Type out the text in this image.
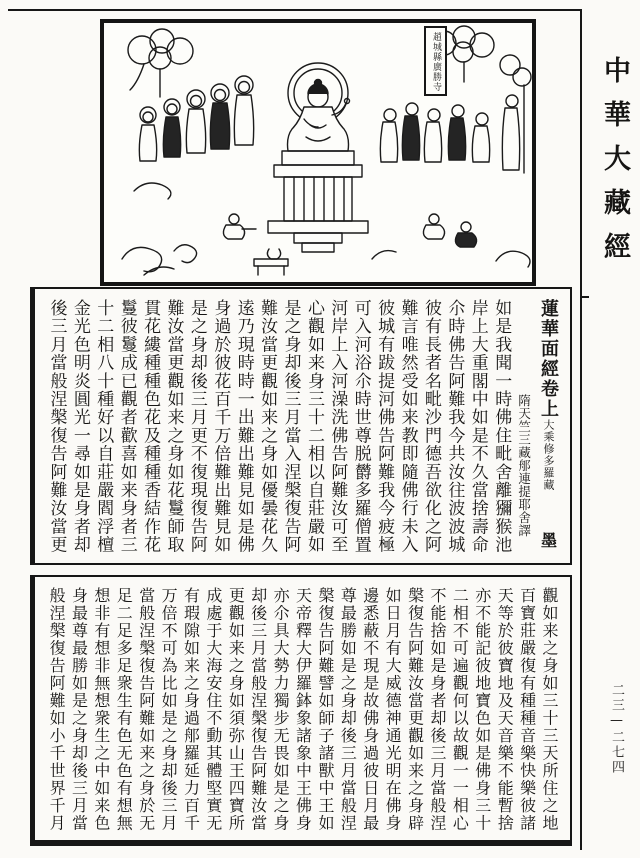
中華大藏經
二三—二七四
趙城縣廣勝寺
蓮華面經卷上大乘修多羅藏
墨
隋天竺三藏郍連提耶舍譯
如是我聞一時佛住毗舍離獼猴池
岸上大重閣中如是不久當捨壽命
尒時佛告阿難我今共汝往波波城
彼有長者名毗沙門德吾欲化之阿
難言唯然受如来教即隨佛行未入
彼城有跋提河佛告阿難我今疲極
可入河浴尒時世尊脱欝多羅僧置
河岸上入河澡洗佛告阿難汝可至
心觀如来身三十二相以自莊嚴如
是之身却後三月當入涅槃復告阿
難汝當更觀如来之身如優曇花久
逺乃現時時一出難出難見如是佛
身過於彼花百千万倍難出難見如
是之身却後三月更不復現復告阿
難汝當更觀如来之身如花鬘師取
貫花縷種種色花及種種香結作花
鬘彼鬘成已觀者歡喜如来身者三
十二相八十種好以自莊嚴閻浮檀
金光色明炎圓光一尋如是身者却
後三月當般涅槃復告阿難汝當更
觀如来之身如三十三天所住之地
百寶莊嚴復有種種音樂快樂彼諸
天等於彼寶地及天音樂不能暫捨
亦不能記彼地寶色如是佛身三十
二相不可遍觀何以故觀一一相心
不能捨如是身者却後三月當般涅
槃復告阿難汝當更觀如来之身辟
如日月有大威德神通光明在佛身
邊悉蔽不現是故佛身過彼日月最
尊最勝如是之身却後三月當般涅
槃復告阿難譬如師子諸獸中王如
天帝釋大伊羅鉢象諸象中王佛身
亦尒具大勢力獨步无畏如是之身
却後三月當般涅槃復告阿難汝當
更觀如来之身如須弥山王四寶所
成處于大海安住不動其體堅實无
有瑕隙如来之身過郍羅延力百千
万倍不可為比如是之身却後三月
當般涅槃復告阿難如来之身於无
足二足多足衆生有色无色有想無
想非有想非無想衆生之中如来色
身最尊最勝如是之身却後三月當
般涅槃復告阿難如小千世界千月
